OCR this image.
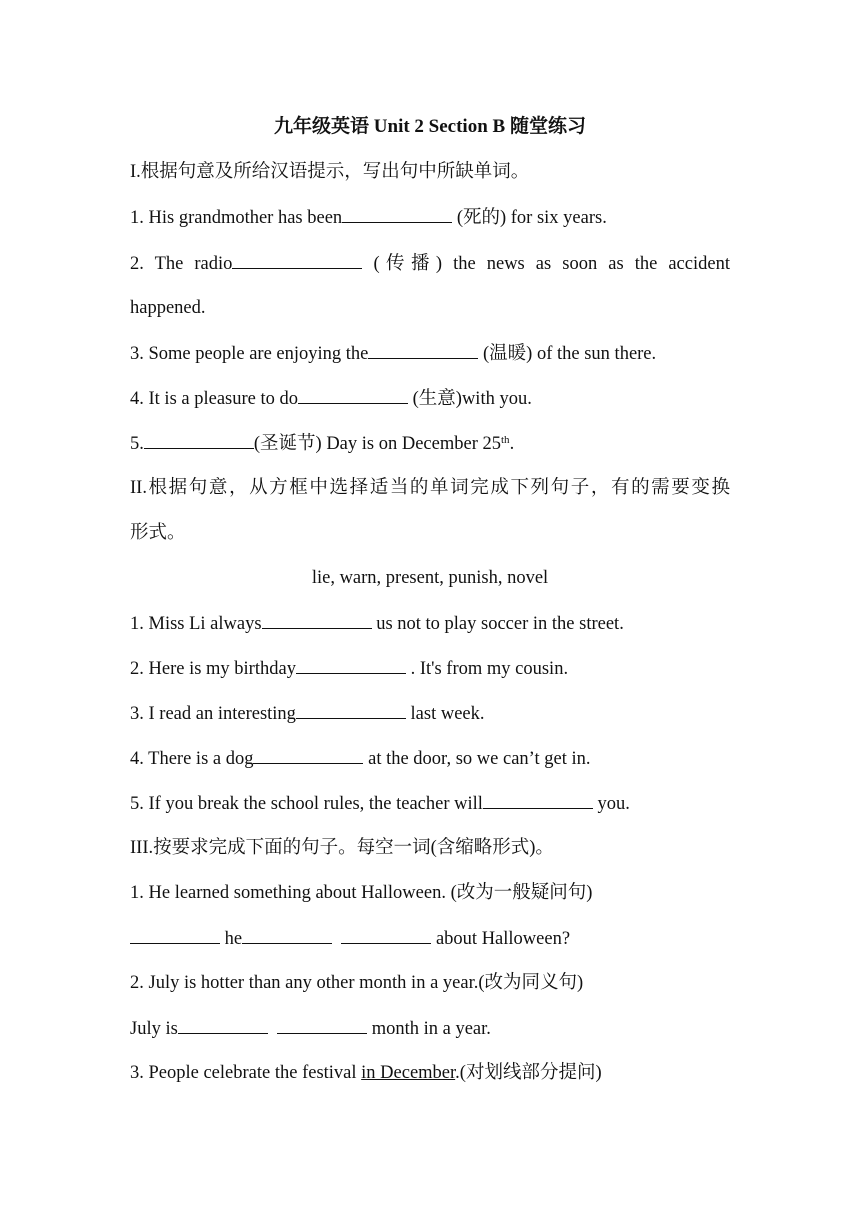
九年级英语 Unit 2 Section B 随堂练习
I.根据句意及所给汉语提示，写出句中所缺单词。
1. His grandmother has been	(死的) for six years.
2. The radio	(传播) the news as soon as the accident
happened.
3. Some people are enjoying the	(温暖) of the sun there.
4. It is a pleasure to do	(生意)with you.
5.	(圣诞节) Day is on December 25th.
II.根据句意，从方框中选择适当的单词完成下列句子，有的需要变换
形式。
lie, warn, present, punish, novel
1. Miss Li always	us not to play soccer in the street.
2. Here is my birthday	. It's from my cousin.
3. I read an interesting	last week.
4. There is a dog	at the door, so we can’t get in.
5. If you break the school rules, the teacher will	you.
III.按要求完成下面的句子。每空一词(含缩略形式)。
1. He learned something about Halloween. (改为一般疑问句)
he	about Halloween?
2. July is hotter than any other month in a year.(改为同义句)
July is	month in a year.
3. People celebrate the festival in December.(对划线部分提问)
